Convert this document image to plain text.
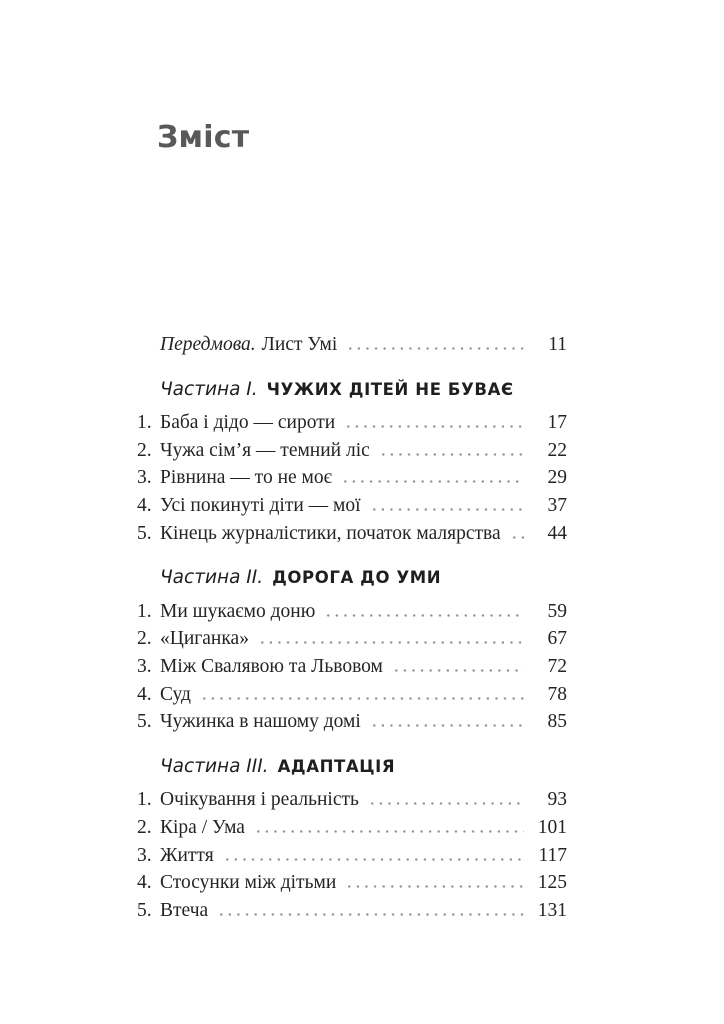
Зміст
Передмова. Лист Умі	11
Частина I. ЧУЖИХ ДІТЕЙ НЕ БУВАЄ
1. Баба і дідо — сироти	17
2. Чужа сім’я — темний ліс	22
3. Рівнина — то не моє	29
4. Усі покинуті діти — мої	37
5. Кінець журналістики, початок малярства	44
Частина II. ДОРОГА ДО УМИ
1. Ми шукаємо доню	59
2. «Циганка»	67
3. Між Свалявою та Львовом	72
4. Суд	78
5. Чужинка в нашому домі	85
Частина III. АДАПТАЦІЯ
1. Очікування і реальність	93
2. Кіра / Ума	101
3. Життя	117
4. Стосунки між дітьми	125
5. Втеча	131
